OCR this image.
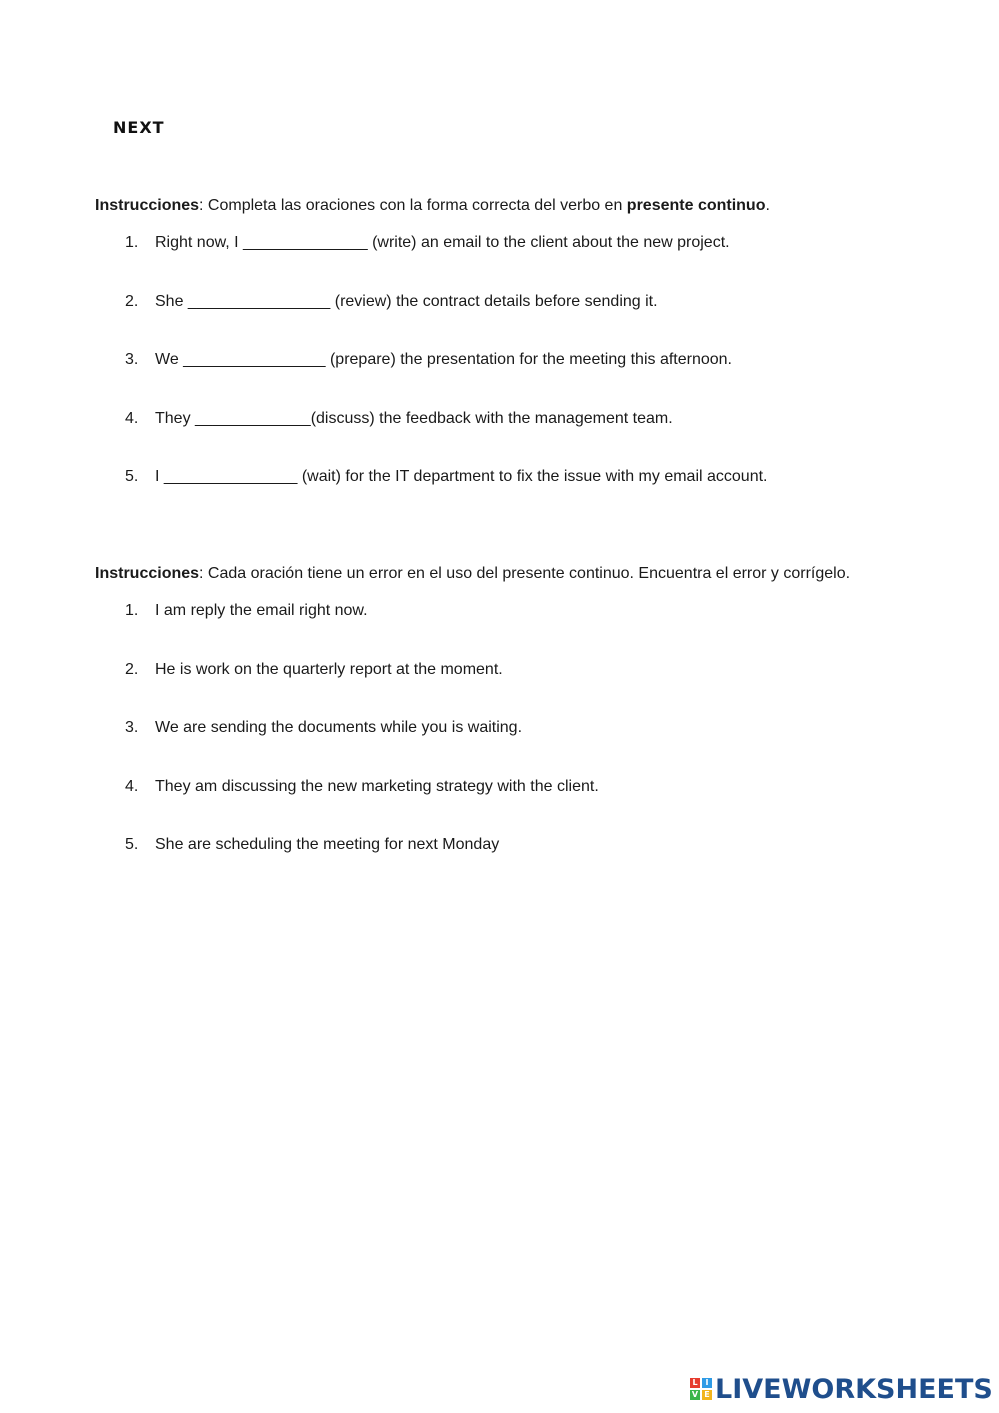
NEXT
Instrucciones: Completa las oraciones con la forma correcta del verbo en presente continuo.
1.	Right now, I ______________ (write) an email to the client about the new project.
2.	She ________________ (review) the contract details before sending it.
3.	We ________________ (prepare) the presentation for the meeting this afternoon.
4.	They _____________(discuss) the feedback with the management team.
5.	I _______________ (wait) for the IT department to fix the issue with my email account.
Instrucciones: Cada oración tiene un error en el uso del presente continuo. Encuentra el error y corrígelo.
1.	I am reply the email right now.
2.	He is work on the quarterly report at the moment.
3.	We are sending the documents while you is waiting.
4.	They am discussing the new marketing strategy with the client.
5.	She are scheduling the meeting for next Monday
L I
V E LIVEWORKSHEETS
